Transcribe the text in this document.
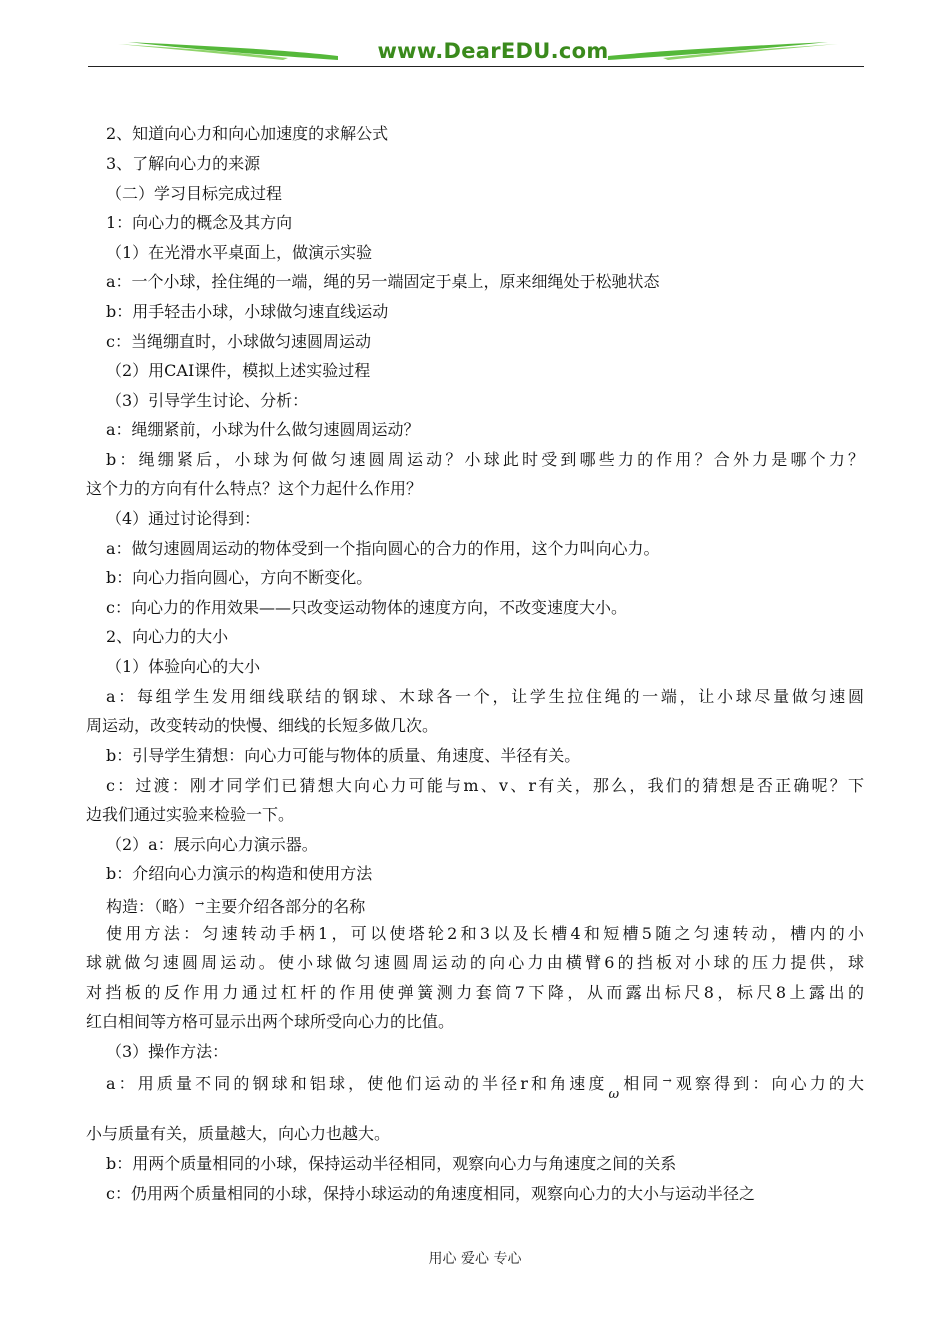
www.DearEDU.com
2、知道向心力和向心加速度的求解公式
3、了解向心力的来源
（二）学习目标完成过程
1：向心力的概念及其方向
（1）在光滑水平桌面上，做演示实验
a：一个小球，拴住绳的一端，绳的另一端固定于桌上，原来细绳处于松驰状态
b：用手轻击小球，小球做匀速直线运动
c：当绳绷直时，小球做匀速圆周运动
（2）用CAI课件，模拟上述实验过程
（3）引导学生讨论、分析：
a：绳绷紧前，小球为什么做匀速圆周运动？
b：绳绷紧后，小球为何做匀速圆周运动？小球此时受到哪些力的作用？合外力是哪个力？
这个力的方向有什么特点？这个力起什么作用？
（4）通过讨论得到：
a：做匀速圆周运动的物体受到一个指向圆心的合力的作用，这个力叫向心力。
b：向心力指向圆心，方向不断变化。
c：向心力的作用效果——只改变运动物体的速度方向，不改变速度大小。
2、向心力的大小
（1）体验向心的大小
a：每组学生发用细线联结的钢球、木球各一个，让学生拉住绳的一端，让小球尽量做匀速圆
周运动，改变转动的快慢、细线的长短多做几次。
b：引导学生猜想：向心力可能与物体的质量、角速度、半径有关。
c：过渡：刚才同学们已猜想大向心力可能与m、v、r有关，那么，我们的猜想是否正确呢？下
边我们通过实验来检验一下。
（2）a：展示向心力演示器。
b：介绍向心力演示的构造和使用方法
构造：（略）→主要介绍各部分的名称
使用方法：匀速转动手柄1，可以使塔轮2和3以及长槽4和短槽5随之匀速转动，槽内的小
球就做匀速圆周运动。使小球做匀速圆周运动的向心力由横臂6的挡板对小球的压力提供，球
对挡板的反作用力通过杠杆的作用使弹簧测力套筒7下降，从而露出标尺8，标尺8上露出的
红白相间等方格可显示出两个球所受向心力的比值。
（3）操作方法：
a：用质量不同的钢球和铝球，使他们运动的半径r和角速度ω相同→观察得到：向心力的大
小与质量有关，质量越大，向心力也越大。
b：用两个质量相同的小球，保持运动半径相同，观察向心力与角速度之间的关系
c：仍用两个质量相同的小球，保持小球运动的角速度相同，观察向心力的大小与运动半径之
用心 爱心 专心
